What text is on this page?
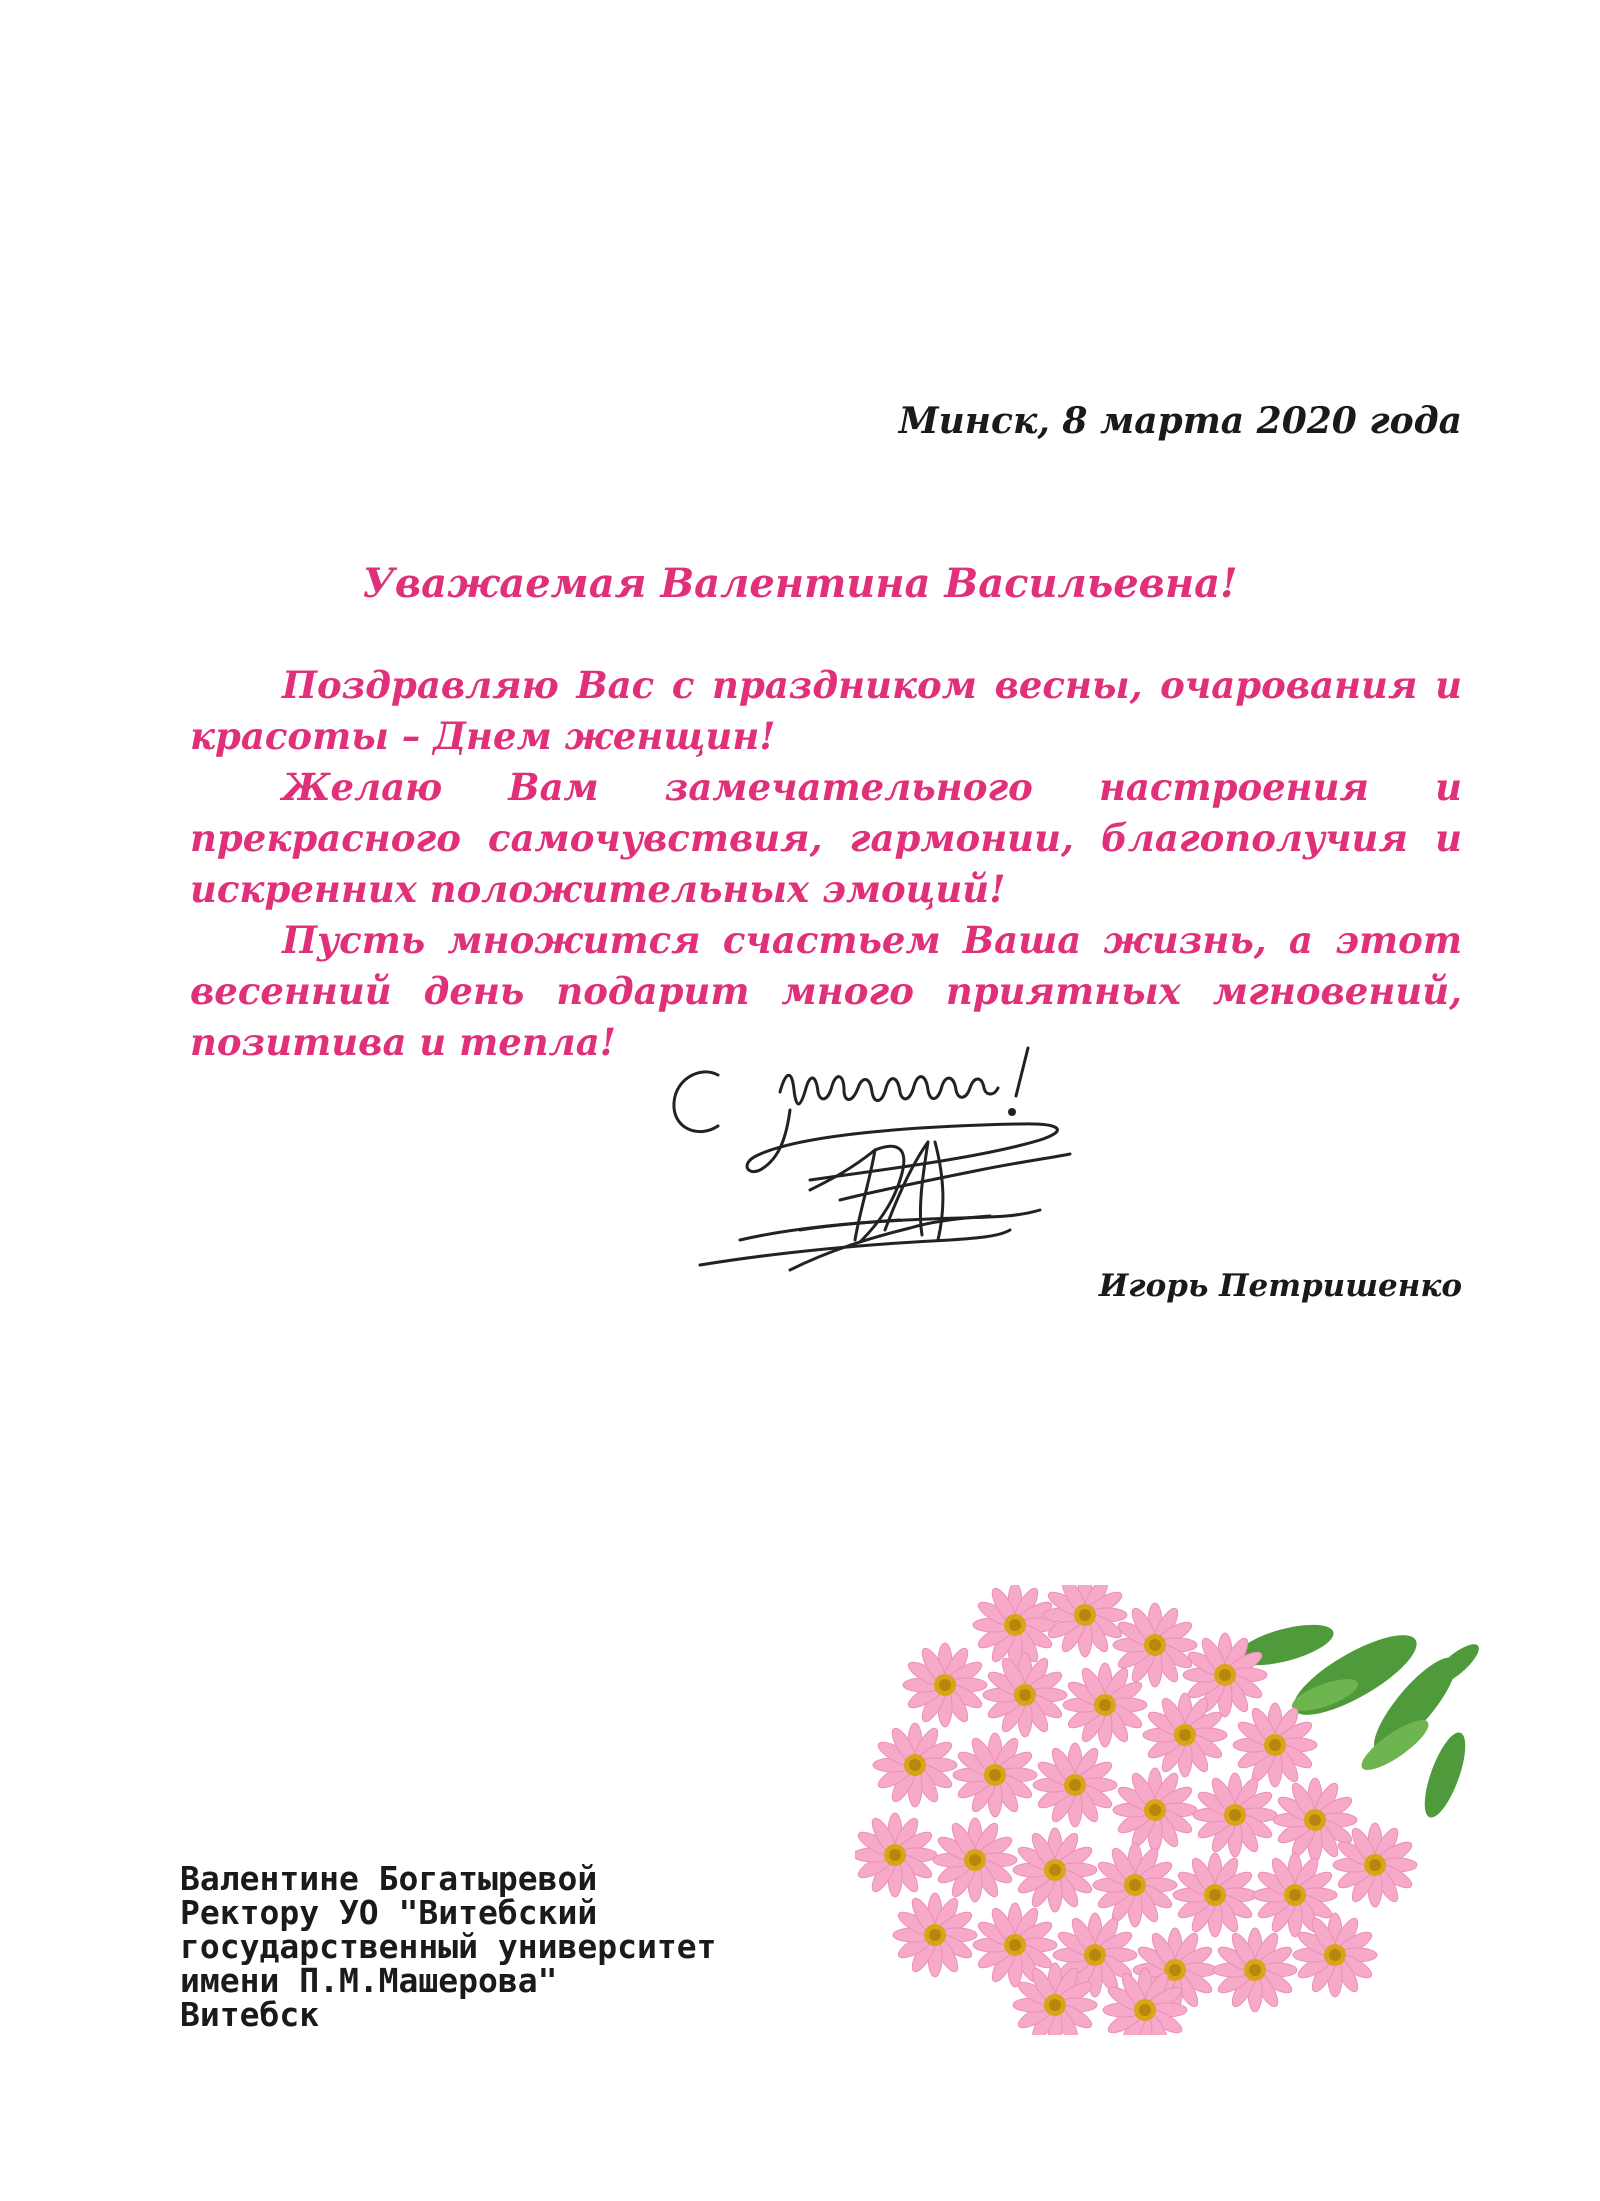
Минск, 8 марта 2020 года
Уважаемая Валентина Васильевна!

Поздравляю Вас с праздником весны, очарования и красоты – Днем женщин!

Желаю Вам замечательного настроения и прекрасного самочувствия, гармонии, благополучия и искренних положительных эмоций!

Пусть множится счастьем Ваша жизнь, а этот весенний день подарит много приятных мгновений, позитива и тепла!

Игорь Петришенко
Валентине Богатыревой
Ректору УО "Витебский
государственный университет
имени П.М.Машерова"
Витебск
